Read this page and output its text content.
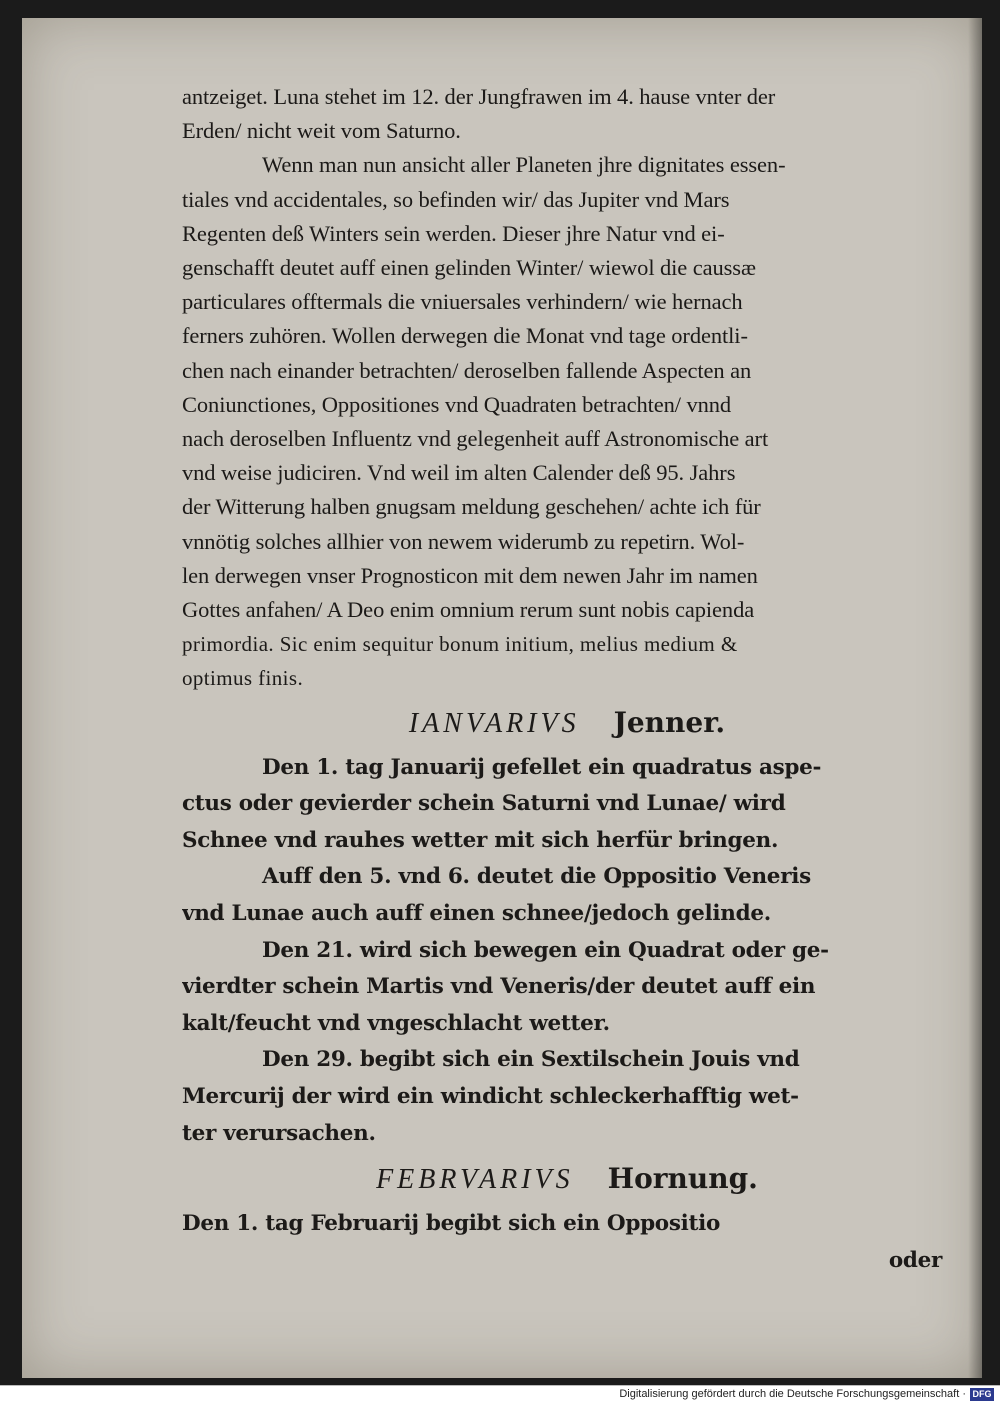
antzeiget. Luna stehet im 12. der Jungfrawen im 4. hause vnter der
Erden/ nicht weit vom Saturno.
Wenn man nun ansicht aller Planeten jhre dignitates essen-
tiales vnd accidentales, so befinden wir/ das Jupiter vnd Mars
Regenten deß Winters sein werden. Dieser jhre Natur vnd ei-
genschafft deutet auff einen gelinden Winter/ wiewol die caussæ
particulares offtermals die vniuersales verhindern/ wie hernach
ferners zuhören. Wollen derwegen die Monat vnd tage ordentli-
chen nach einander betrachten/ deroselben fallende Aspecten an
Coniunctiones, Oppositiones vnd Quadraten betrachten/ vnnd
nach deroselben Influentz vnd gelegenheit auff Astronomische art
vnd weise judiciren. Vnd weil im alten Calender deß 95. Jahrs
der Witterung halben gnugsam meldung geschehen/ achte ich für
vnnötig solches allhier von newem widerumb zu repetirn. Wol-
len derwegen vnser Prognosticon mit dem newen Jahr im namen
Gottes anfahen/ A Deo enim omnium rerum sunt nobis capienda
primordia. Sic enim sequitur bonum initium, melius medium &
optimus finis.
IANVARIVS Jenner.
Den 1. tag Januarij gefellet ein quadratus aspe-
ctus oder gevierder schein Saturni vnd Lunae/ wird
Schnee vnd rauhes wetter mit sich herfür bringen.
Auff den 5. vnd 6. deutet die Oppositio Veneris
vnd Lunae auch auff einen schnee/jedoch gelinde.
Den 21. wird sich bewegen ein Quadrat oder ge-
vierdter schein Martis vnd Veneris/der deutet auff ein
kalt/feucht vnd vngeschlacht wetter.
Den 29. begibt sich ein Sextilschein Jouis vnd
Mercurij der wird ein windicht schleckerhafftig wet-
ter verursachen.
FEBRVARIVS Hornung.
Den 1. tag Februarij begibt sich ein Oppositio
oder
Digitalisierung gefördert durch die Deutsche Forschungsgemeinschaft · DFG
